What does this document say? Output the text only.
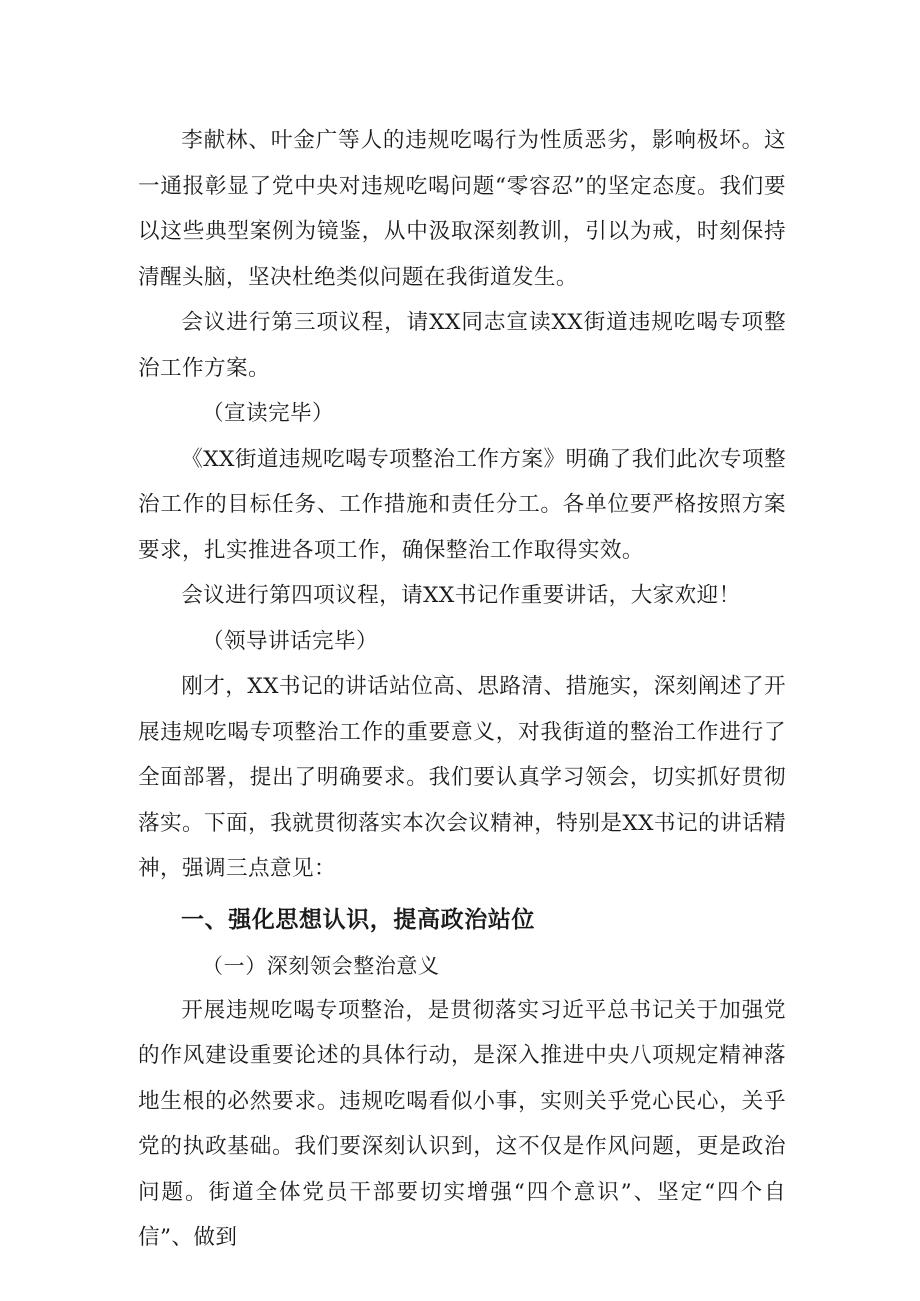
李献林、叶金广等人的违规吃喝行为性质恶劣，影响极坏。这一通报彰显了党中央对违规吃喝问题“零容忍”的坚定态度。我们要以这些典型案例为镜鉴，从中汲取深刻教训，引以为戒，时刻保持清醒头脑，坚决杜绝类似问题在我街道发生。

会议进行第三项议程，请XX同志宣读XX街道违规吃喝专项整治工作方案。

（宣读完毕）

《XX街道违规吃喝专项整治工作方案》明确了我们此次专项整治工作的目标任务、工作措施和责任分工。各单位要严格按照方案要求，扎实推进各项工作，确保整治工作取得实效。

会议进行第四项议程，请XX书记作重要讲话，大家欢迎！

（领导讲话完毕）

刚才，XX书记的讲话站位高、思路清、措施实，深刻阐述了开展违规吃喝专项整治工作的重要意义，对我街道的整治工作进行了全面部署，提出了明确要求。我们要认真学习领会，切实抓好贯彻落实。下面，我就贯彻落实本次会议精神，特别是XX书记的讲话精神，强调三点意见：

一、强化思想认识，提高政治站位

（一）深刻领会整治意义

开展违规吃喝专项整治，是贯彻落实习近平总书记关于加强党的作风建设重要论述的具体行动，是深入推进中央八项规定精神落地生根的必然要求。违规吃喝看似小事，实则关乎党心民心，关乎党的执政基础。我们要深刻认识到，这不仅是作风问题，更是政治问题。街道全体党员干部要切实增强“四个意识”、坚定“四个自信”、做到
